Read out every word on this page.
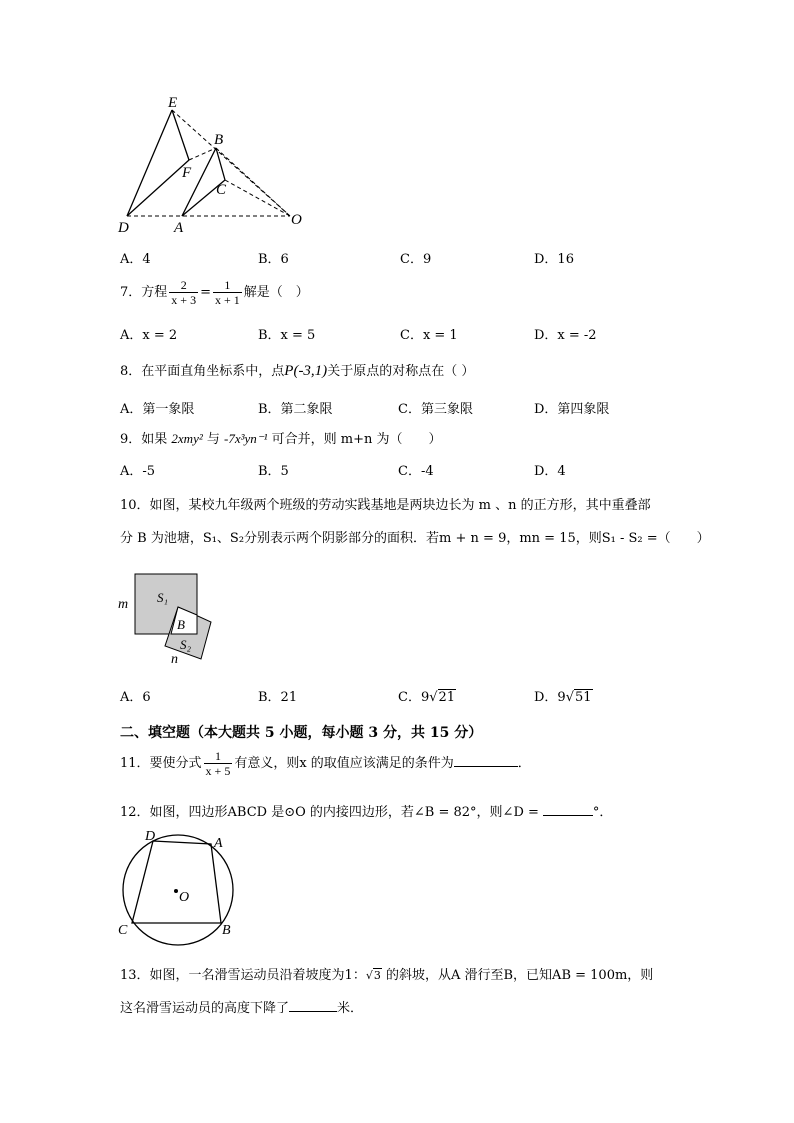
E
B
F
C
D	A	O
A．4	B．6	C．9	D．16
7．方程 $\frac{2}{x + 3} = \frac{1}{x + 1}$ 解是（　）
A．x = 2	B．x = 5	C．x = 1	D．x = -2
8．在平面直角坐标系中，点P(-3,1)关于原点的对称点在（ ）
A．第一象限	B．第二象限	C．第三象限	D．第四象限
9．如果 2xmy² 与 -7x³yn⁻¹ 可合并，则 m+n 为（　　）
A．-5	B．5	C．-4	D．4
10．如图，某校九年级两个班级的劳动实践基地是两块边长为 m 、n 的正方形，其中重叠部
分 B 为池塘，S₁、S₂分别表示两个阴影部分的面积．若m + n = 9，mn = 15，则S₁ - S₂ =（　　）
m S₁
B
S₂
n
A．6	B．21	C．9√21	D．9√51
二、填空题（本大题共 5 小题，每小题 3 分，共 15 分）
11．要使分式 $\frac{1}{x + 5}$ 有意义，则x 的取值应该满足的条件为	．
12．如图，四边形ABCD 是⊙O 的内接四边形，若∠B = 82°，则∠D =	°．
D	A
O
C	B
13．如图，一名滑雪运动员沿着坡度为1：√3 的斜坡，从A 滑行至B，已知AB = 100m，则
这名滑雪运动员的高度下降了	米．
